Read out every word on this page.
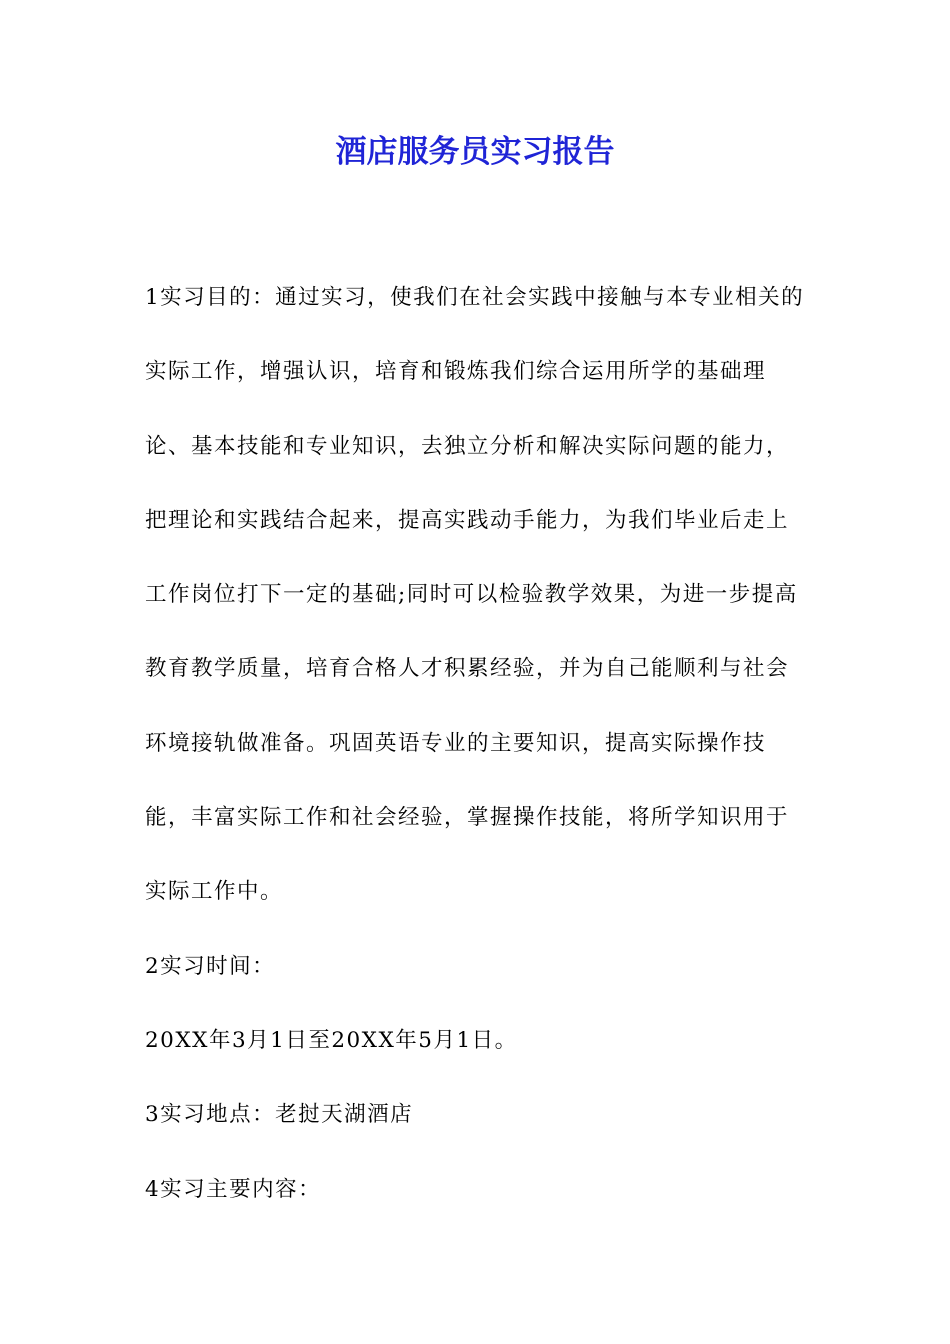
酒店服务员实习报告

1实习目的：通过实习，使我们在社会实践中接触与本专业相关的实际工作，增强认识，培育和锻炼我们综合运用所学的基础理论、基本技能和专业知识，去独立分析和解决实际问题的能力，把理论和实践结合起来，提高实践动手能力，为我们毕业后走上工作岗位打下一定的基础;同时可以检验教学效果，为进一步提高教育教学质量，培育合格人才积累经验，并为自己能顺利与社会环境接轨做准备。巩固英语专业的主要知识，提高实际操作技能，丰富实际工作和社会经验，掌握操作技能，将所学知识用于实际工作中。

2实习时间：

20XX年3月1日至20XX年5月1日。

3实习地点：老挝天湖酒店

4实习主要内容：
